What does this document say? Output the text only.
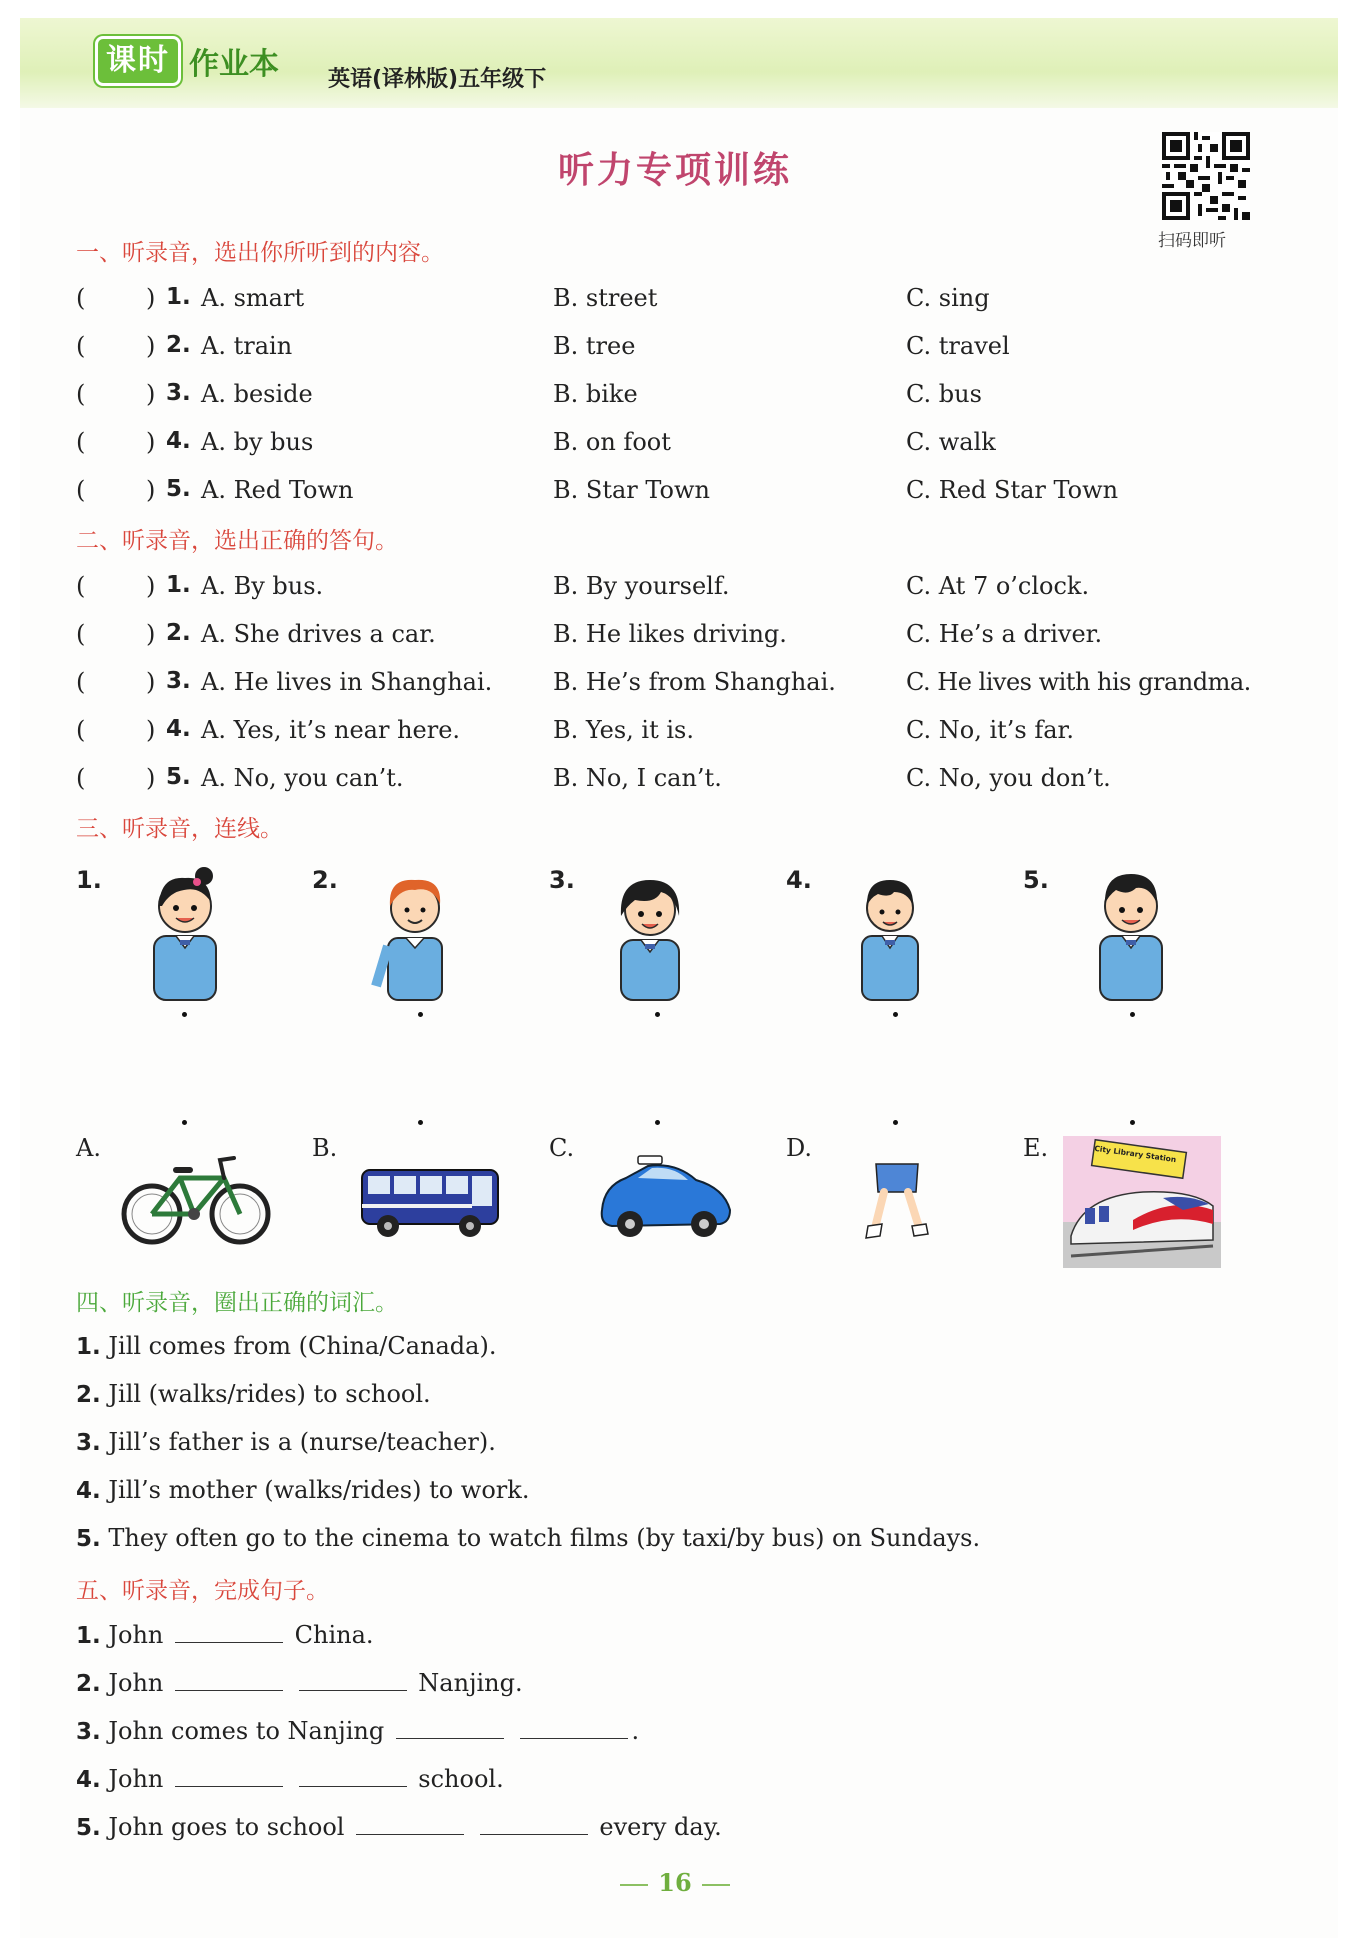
课时 作业本 英语(译林版)五年级下
听力专项训练
扫码即听
一、听录音，选出你所听到的内容。
(	) 1. A. smart	B. street	C. sing
(	) 2. A. train	B. tree	C. travel
(	) 3. A. beside	B. bike	C. bus
(	) 4. A. by bus	B. on foot	C. walk
(	) 5. A. Red Town	B. Star Town	C. Red Star Town
二、听录音，选出正确的答句。
(	) 1. A. By bus.	B. By yourself.	C. At 7 o’clock.
(	) 2. A. She drives a car.	B. He likes driving.	C. He’s a driver.
(	) 3. A. He lives in Shanghai.	B. He’s from Shanghai.	C. He lives with his grandma.
(	) 4. A. Yes, it’s near here.	B. Yes, it is.	C. No, it’s far.
(	) 5. A. No, you can’t.	B. No, I can’t.	C. No, you don’t.
三、听录音，连线。
1.	2.	3.	4.	5.
A.	B.	C.	D.	E.	City Library Station
四、听录音，圈出正确的词汇。
1. Jill comes from (China/Canada).
2. Jill (walks/rides) to school.
3. Jill’s father is a (nurse/teacher).
4. Jill’s mother (walks/rides) to work.
5. They often go to the cinema to watch films (by taxi/by bus) on Sundays.
五、听录音，完成句子。
1. John	China.
2. John	Nanjing.
3. John comes to Nanjing	.
4. John	school.
5. John goes to school	every day.
16
